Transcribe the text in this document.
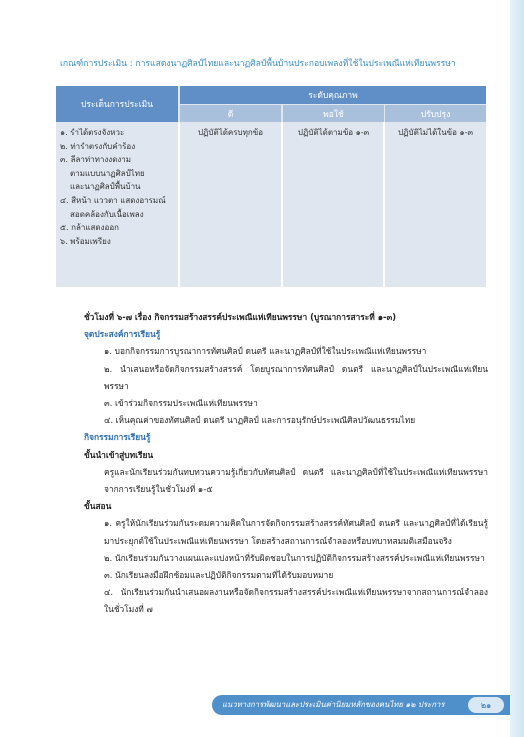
เกณฑ์การประเมิน : การแสดงนาฏศิลป์ไทยและนาฏศิลป์พื้นบ้านประกอบเพลงที่ใช้ในประเพณีแห่เทียนพรรษา
ประเด็นการประเมิน
ระดับคุณภาพ
ดี	พอใช้	ปรับปรุง
๑. รำได้ตรงจังหวะ
๒. ท่ารำตรงกับคำร้อง
๓. ลีลาท่าทางงดงาม
ตามแบบนาฏศิลป์ไทย
และนาฏศิลป์พื้นบ้าน
๔. สีหน้า แววตา แสดงอารมณ์
สอดคล้องกับเนื้อเพลง
๕. กล้าแสดงออก
๖. พร้อมเพรียง
ปฏิบัติได้ครบทุกข้อ	ปฏิบัติได้ตามข้อ ๑-๓	ปฏิบัติไม่ได้ในข้อ ๑-๓

ชั่วโมงที่ ๖-๗ เรื่อง กิจกรรมสร้างสรรค์ประเพณีแห่เทียนพรรษา (บูรณาการสาระที่ ๑-๓)

จุดประสงค์การเรียนรู้

๑. บอกกิจกรรมการบูรณาการทัศนศิลป์ ดนตรี และนาฏศิลป์ที่ใช้ในประเพณีแห่เทียนพรรษา

๒. นำเสนอหรือจัดกิจกรรมสร้างสรรค์ โดยบูรณาการทัศนศิลป์ ดนตรี และนาฏศิลป์ในประเพณีแห่เทียนพรรษา

๓. เข้าร่วมกิจกรรมประเพณีแห่เทียนพรรษา

๔. เห็นคุณค่าของทัศนศิลป์ ดนตรี นาฏศิลป์ และการอนุรักษ์ประเพณีศิลปวัฒนธรรมไทย

กิจกรรมการเรียนรู้

ขั้นนำเข้าสู่บทเรียน

ครูและนักเรียนร่วมกันทบทวนความรู้เกี่ยวกับทัศนศิลป์ ดนตรี และนาฏศิลป์ที่ใช้ในประเพณีแห่เทียนพรรษา จากการเรียนรู้ในชั่วโมงที่ ๑-๕

ขั้นสอน

๑. ครูให้นักเรียนร่วมกันระดมความคิดในการจัดกิจกรรมสร้างสรรค์ทัศนศิลป์ ดนตรี และนาฏศิลป์ที่ได้เรียนรู้มาประยุกต์ใช้ในประเพณีแห่เทียนพรรษา โดยสร้างสถานการณ์จำลองหรือบทบาทสมมติเสมือนจริง

๒. นักเรียนร่วมกันวางแผนและแบ่งหน้าที่รับผิดชอบในการปฏิบัติกิจกรรมสร้างสรรค์ประเพณีแห่เทียนพรรษา

๓. นักเรียนลงมือฝึกซ้อมและปฏิบัติกิจกรรมตามที่ได้รับมอบหมาย

๔. นักเรียนร่วมกันนำเสนอผลงานหรือจัดกิจกรรมสร้างสรรค์ประเพณีแห่เทียนพรรษาจากสถานการณ์จำลอง ในชั่วโมงที่ ๗

แนวทางการพัฒนาและประเมินค่านิยมหลักของคนไทย ๑๒ ประการ	๒๑
